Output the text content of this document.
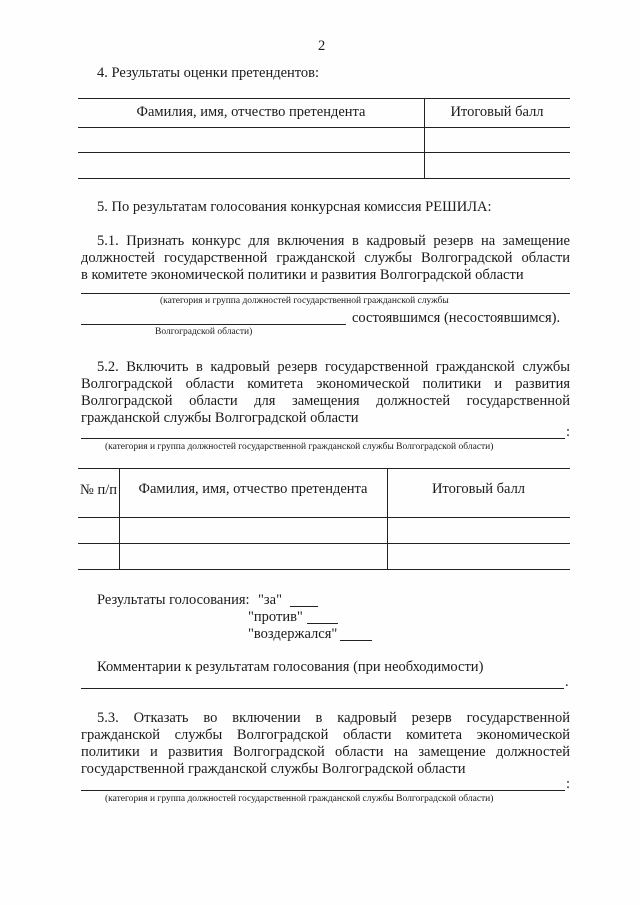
2
4. Результаты оценки претендентов:
Фамилия, имя, отчество претендента	Итоговый балл
5. По результатам голосования конкурсная комиссия РЕШИЛА:
5.1. Признать конкурс для включения в кадровый резерв на замещение
должностей государственной гражданской службы Волгоградской области
в комитете экономической политики и развития Волгоградской области
(категория и группа должностей государственной гражданской службы
состоявшимся (несостоявшимся).
Волгоградской области)
5.2. Включить в кадровый резерв государственной гражданской службы
Волгоградской области комитета экономической политики и развития
Волгоградской области для замещения должностей государственной
гражданской службы Волгоградской области
:
(категория и группа должностей государственной гражданской службы Волгоградской области)
№ п/п	Фамилия, имя, отчество претендента	Итоговый балл
Результаты голосования: "за"
"против"
"воздержался"
Комментарии к результатам голосования (при необходимости)
.
5.3. Отказать во включении в кадровый резерв государственной
гражданской службы Волгоградской области комитета экономической
политики и развития Волгоградской области на замещение должностей
государственной гражданской службы Волгоградской области
:
(категория и группа должностей государственной гражданской службы Волгоградской области)
